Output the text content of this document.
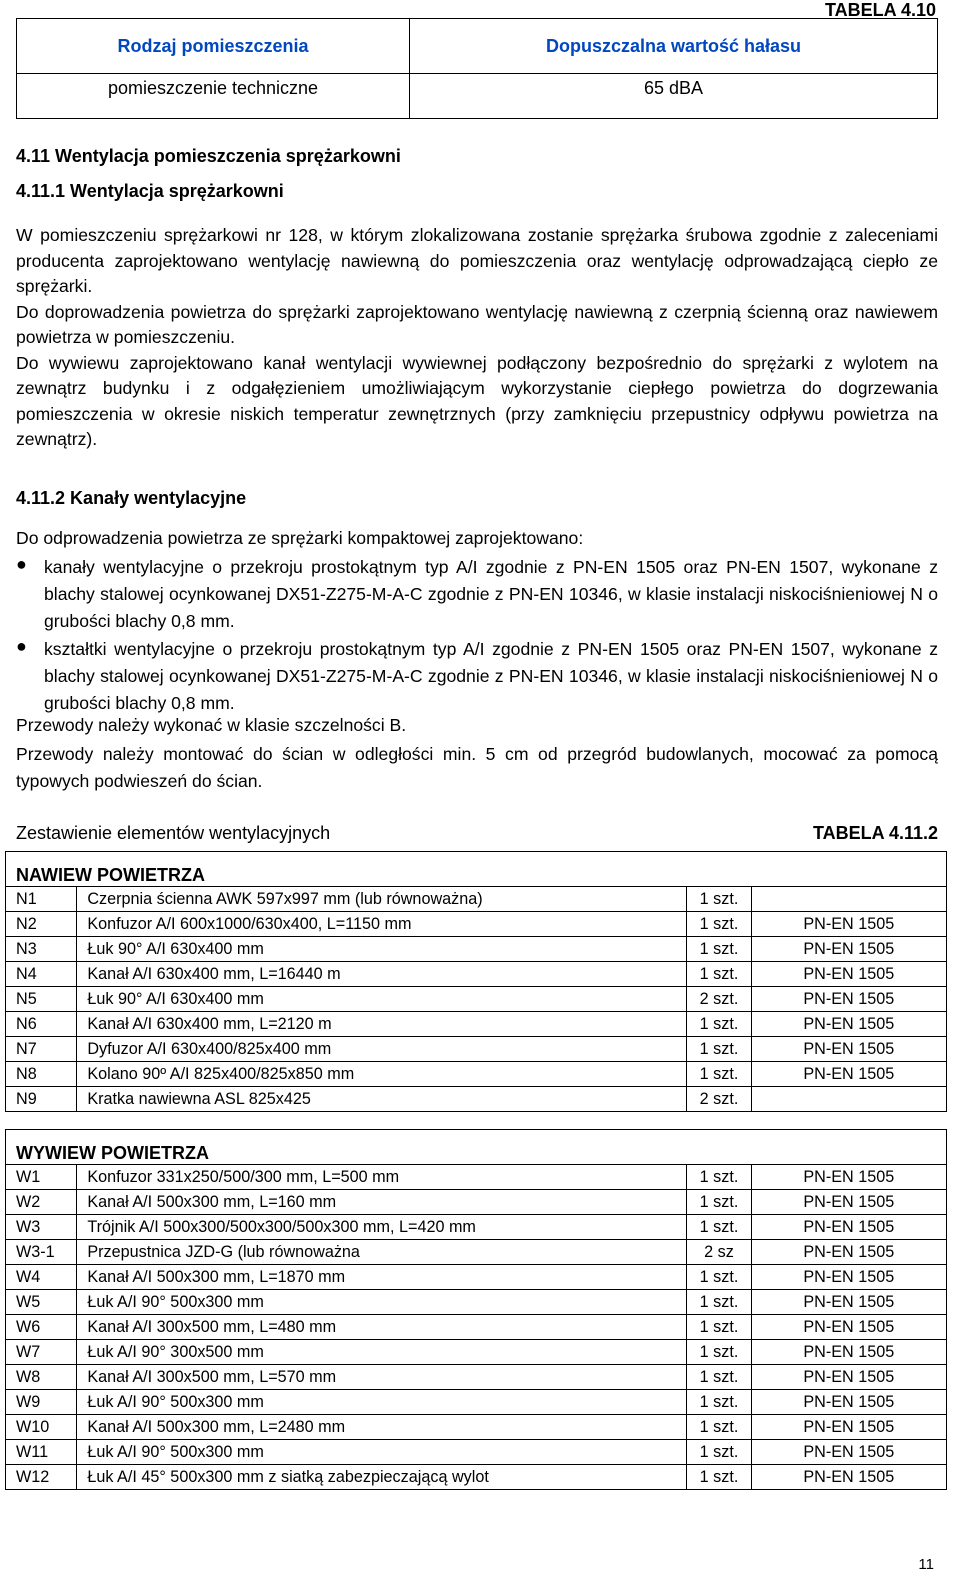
TABELA 4.10
Rodzaj pomieszczenia	Dopuszczalna wartość hałasu
pomieszczenie techniczne	65 dBA
4.11 Wentylacja pomieszczenia sprężarkowni
4.11.1 Wentylacja sprężarkowni

W pomieszczeniu sprężarkowi nr 128, w którym zlokalizowana zostanie sprężarka śrubowa zgodnie z zaleceniami producenta zaprojektowano wentylację nawiewną do pomieszczenia oraz wentylację odprowadzającą ciepło ze sprężarki.

Do doprowadzenia powietrza do sprężarki zaprojektowano wentylację nawiewną z czerpnią ścienną oraz nawiewem powietrza w pomieszczeniu.

Do wywiewu zaprojektowano kanał wentylacji wywiewnej podłączony bezpośrednio do sprężarki z wylotem na zewnątrz budynku i z odgałęzieniem umożliwiającym wykorzystanie ciepłego powietrza do dogrzewania pomieszczenia w okresie niskich temperatur zewnętrznych (przy zamknięciu przepustnicy odpływu powietrza na zewnątrz).

4.11.2 Kanały wentylacyjne
Do odprowadzenia powietrza ze sprężarki kompaktowej zaprojektowano:
● kanały wentylacyjne o przekroju prostokątnym typ A/I zgodnie z PN-EN 1505 oraz PN-EN 1507, wykonane z blachy stalowej ocynkowanej DX51-Z275-M-A-C zgodnie z PN-EN 10346, w klasie instalacji niskociśnieniowej N o grubości blachy 0,8 mm.
● kształtki wentylacyjne o przekroju prostokątnym typ A/I zgodnie z PN-EN 1505 oraz PN-EN 1507, wykonane z blachy stalowej ocynkowanej DX51-Z275-M-A-C zgodnie z PN-EN 10346, w klasie instalacji niskociśnieniowej N o grubości blachy 0,8 mm.
Przewody należy wykonać w klasie szczelności B.
Przewody należy montować do ścian w odległości min. 5 cm od przegród budowlanych, mocować za pomocą typowych podwieszeń do ścian.
Zestawienie elementów wentylacyjnych	TABELA 4.11.2
NAWIEW POWIETRZA			
N1	Czerpnia ścienna AWK 597x997 mm (lub równoważna)	1 szt.	
N2	Konfuzor A/I 600x1000/630x400, L=1150 mm	1 szt.	PN-EN 1505
N3	Łuk 90° A/I 630x400 mm	1 szt.	PN-EN 1505
N4	Kanał A/I 630x400 mm, L=16440 m	1 szt.	PN-EN 1505
N5	Łuk 90° A/I 630x400 mm	2 szt.	PN-EN 1505
N6	Kanał A/I 630x400 mm, L=2120 m	1 szt.	PN-EN 1505
N7	Dyfuzor A/I 630x400/825x400 mm	1 szt.	PN-EN 1505
N8	Kolano 90º A/I 825x400/825x850 mm	1 szt.	PN-EN 1505
N9	Kratka nawiewna ASL 825x425	2 szt.	

WYWIEW POWIETRZA			
W1	Konfuzor 331x250/500/300 mm, L=500 mm	1 szt.	PN-EN 1505
W2	Kanał A/I 500x300 mm, L=160 mm	1 szt.	PN-EN 1505
W3	Trójnik A/I 500x300/500x300/500x300 mm, L=420 mm	1 szt.	PN-EN 1505
W3-1	Przepustnica JZD-G (lub równoważna	2 sz	PN-EN 1505
W4	Kanał A/I 500x300 mm, L=1870 mm	1 szt.	PN-EN 1505
W5	Łuk A/I 90° 500x300 mm	1 szt.	PN-EN 1505
W6	Kanał A/I 300x500 mm, L=480 mm	1 szt.	PN-EN 1505
W7	Łuk A/I 90° 300x500 mm	1 szt.	PN-EN 1505
W8	Kanał A/I 300x500 mm, L=570 mm	1 szt.	PN-EN 1505
W9	Łuk A/I 90° 500x300 mm	1 szt.	PN-EN 1505
W10	Kanał A/I 500x300 mm, L=2480 mm	1 szt.	PN-EN 1505
W11	Łuk A/I 90° 500x300 mm	1 szt.	PN-EN 1505
W12	Łuk A/I 45° 500x300 mm z siatką zabezpieczającą wylot	1 szt.	PN-EN 1505
11
